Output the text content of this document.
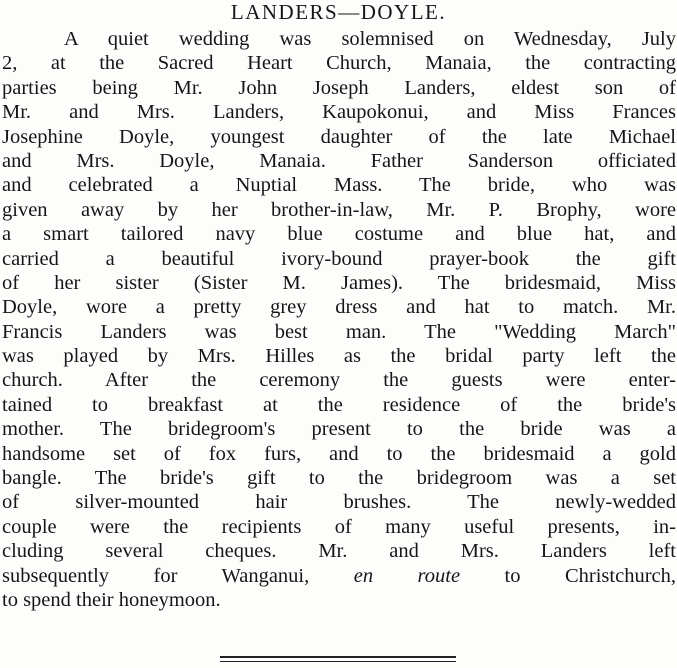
LANDERS—DOYLE.
A quiet wedding was solemnised on Wednesday, July
2, at the Sacred Heart Church, Manaia, the contracting
parties being Mr. John Joseph Landers, eldest son of
Mr. and Mrs. Landers, Kaupokonui, and Miss Frances
Josephine Doyle, youngest daughter of the late Michael
and Mrs. Doyle, Manaia. Father Sanderson officiated
and celebrated a Nuptial Mass. The bride, who was
given away by her brother-in-law, Mr. P. Brophy, wore
a smart tailored navy blue costume and blue hat, and
carried a beautiful ivory-bound prayer-book the gift
of her sister (Sister M. James). The bridesmaid, Miss
Doyle, wore a pretty grey dress and hat to match. Mr.
Francis Landers was best man. The "Wedding March"
was played by Mrs. Hilles as the bridal party left the
church. After the ceremony the guests were enter-
tained to breakfast at the residence of the bride's
mother. The bridegroom's present to the bride was a
handsome set of fox furs, and to the bridesmaid a gold
bangle. The bride's gift to the bridegroom was a set
of silver-mounted hair brushes. The newly-wedded
couple were the recipients of many useful presents, in-
cluding several cheques. Mr. and Mrs. Landers left
subsequently for Wanganui, en route to Christchurch,
to spend their honeymoon.
